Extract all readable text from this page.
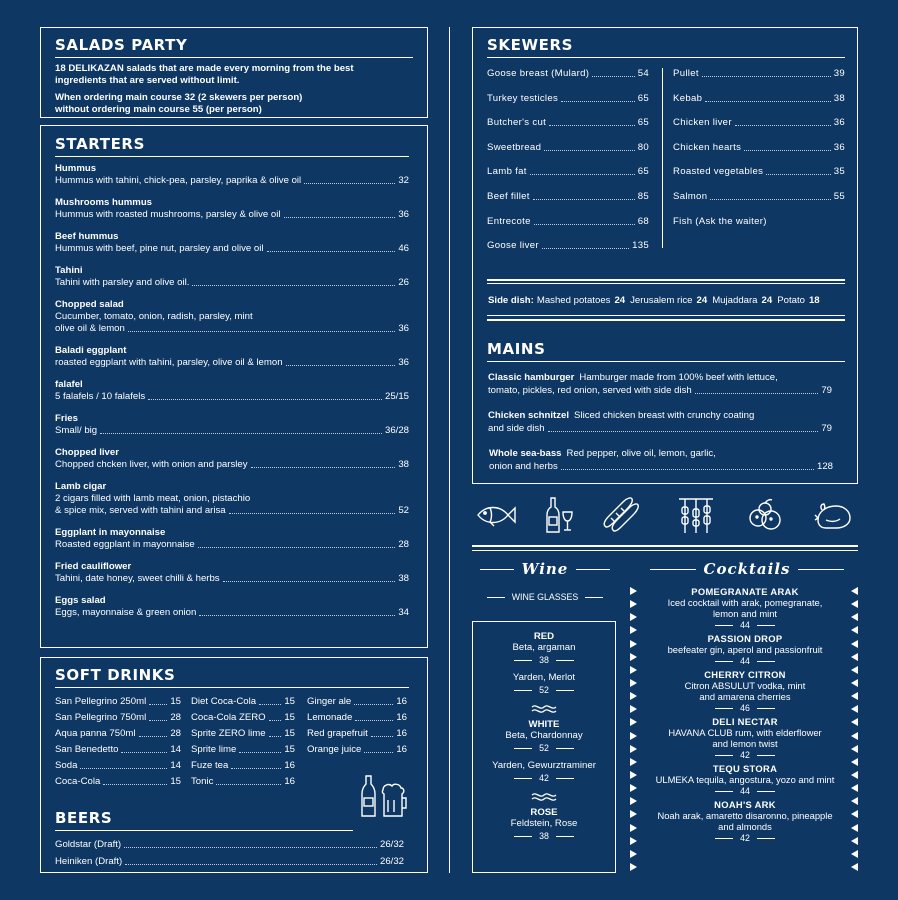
SALADS PARTY
18 DELIKAZAN salads that are made every morning from the best ingredients that are served without limit.
When ordering main course 32 (2 skewers per person)
without ordering main course 55 (per person)
STARTERS
Hummus
Hummus with tahini, chick-pea, parsley, paprika & olive oil	32
Mushrooms hummus
Hummus with roasted mushrooms, parsley & olive oil	36
Beef hummus
Hummus with beef, pine nut, parsley and olive oil	46
Tahini
Tahini with parsley and olive oil.	26
Chopped salad
Cucumber, tomato, onion, radish, parsley, mint
olive oil & lemon	36
Baladi eggplant
roasted eggplant with tahini, parsley, olive oil & lemon	36
falafel
5 falafels / 10 falafels	25/15
Fries
Small/ big	36/28
Chopped liver
Chopped chcken liver, with onion and parsley	38
Lamb cigar
2 cigars filled with lamb meat, onion, pistachio
& spice mix, served with tahini and arisa	52
Eggplant in mayonnaise
Roasted eggplant in mayonnaise	28
Fried cauliflower
Tahini, date honey, sweet chilli & herbs	38
Eggs salad
Eggs, mayonnaise & green onion	34
SOFT DRINKS
San Pellegrino 250ml	15
San Pellegrino 750ml	28
Aqua panna 750ml	28
San Benedetto	14
Soda	14
Coca-Cola	15
Diet Coca-Cola	15
Coca-Cola ZERO 15
Sprite ZERO lime 15
Sprite lime	15
Fuze tea	16
Tonic	16
Ginger ale	16
Lemonade	16
Red grapefruit	16
Orange juice	16
BEERS
Goldstar (Draft)	26/32
Heiniken (Draft)	26/32
SKEWERS
Goose breast (Mulard)	54
Turkey testicles	65
Butcher's cut	65
Sweetbread	80
Lamb fat	65
Beef fillet	85
Entrecote	68
Goose liver	135
Pullet	39
Kebab	38
Chicken liver	36
Chicken hearts	36
Roasted vegetables	35
Salmon	55
Fish (Ask the waiter)
Side dish: Mashed potatoes 24 Jerusalem rice 24 Mujaddara 24 Potato 18
MAINS
Classic hamburger Hamburger made from 100% beef with lettuce,
tomato, pickles, red onion, served with side dish	79
Chicken schnitzel Sliced chicken breast with crunchy coating
and side dish	79
Whole sea-bass Red pepper, olive oil, lemon, garlic,
onion and herbs	128
Wine
WINE GLASSES
RED
Beta, argaman
38
Yarden, Merlot
52
WHITE
Beta, Chardonnay
52
Yarden, Gewurztraminer
42
ROSE
Feldstein, Rose
38
Cocktails
POMEGRANATE ARAK
Iced cocktail with arak, pomegranate,
lemon and mint
44
PASSION DROP
beefeater gin, aperol and passionfruit
44
CHERRY CITRON
Citron ABSULUT vodka, mint
and amarena cherries
46
DELI NECTAR
HAVANA CLUB rum, with elderflower
and lemon twist
42
TEQU STORA
ULMEKA tequila, angostura, yozo and mint
44
NOAH'S ARK
Noah arak, amaretto disaronno, pineapple
and almonds
42
